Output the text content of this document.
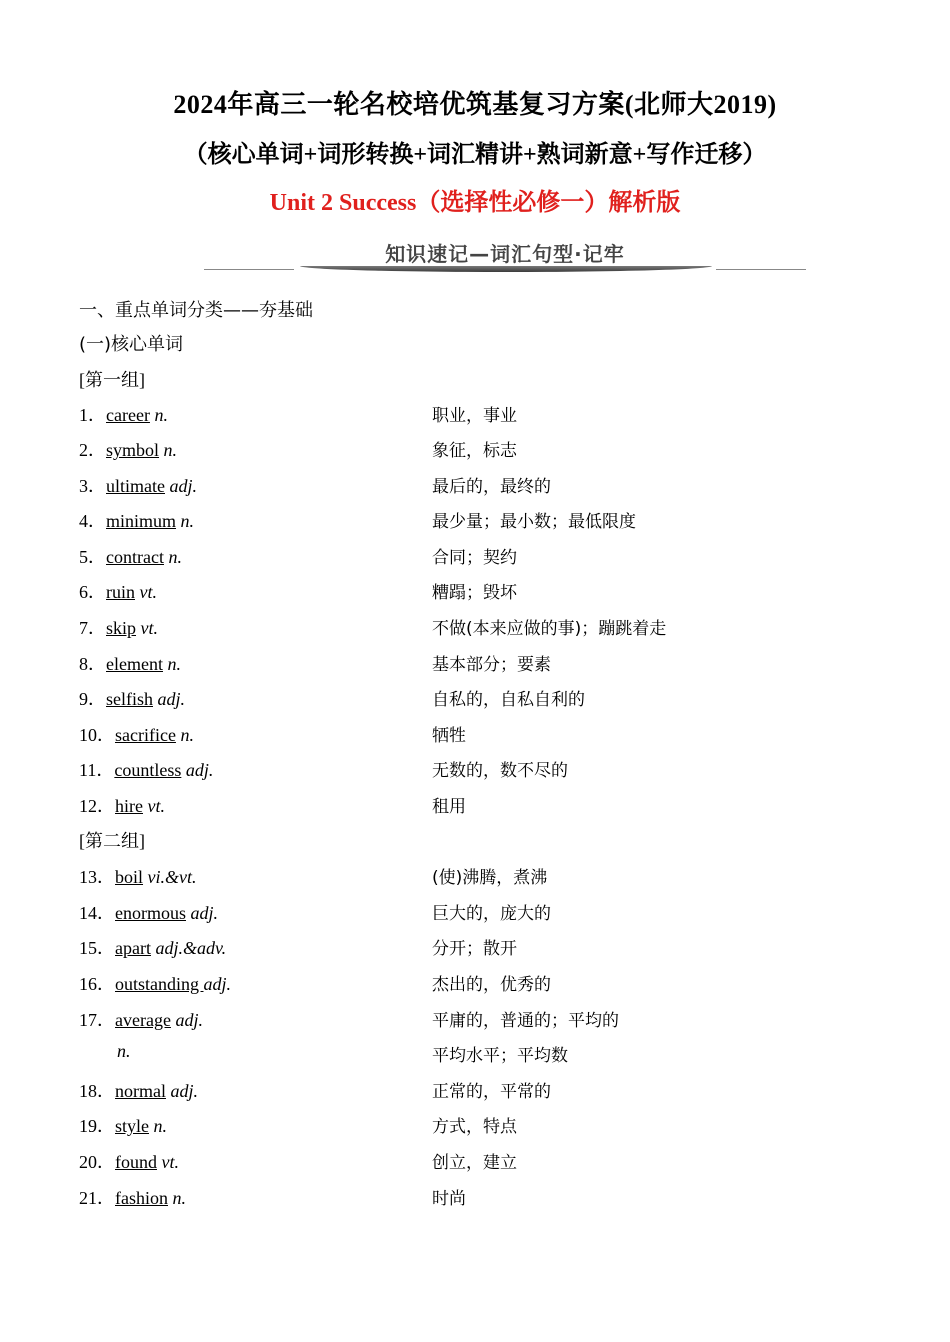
2024年高三一轮名校培优筑基复习方案(北师大2019)
（核心单词+词形转换+词汇精讲+熟词新意+写作迁移）
Unit 2 Success（选择性必修一）解析版
知识速记—词汇句型·记牢
一、重点单词分类——夯基础
(一)核心单词
[第一组]
1．career n.	职业，事业
2．symbol n.	象征，标志
3．ultimate adj.	最后的，最终的
4．minimum n.	最少量；最小数；最低限度
5．contract n.	合同；契约
6．ruin vt.	糟蹋；毁坏
7．skip vt.	不做(本来应做的事)；蹦跳着走
8．element n.	基本部分；要素
9．selfish adj.	自私的，自私自利的
10．sacrifice n.	牺牲
11．countless adj.	无数的，数不尽的
12．hire vt.	租用
[第二组]
13．boil vi.&vt.	(使)沸腾，煮沸
14．enormous adj.	巨大的，庞大的
15．apart adj.&adv.	分开；散开
16．outstanding adj.	杰出的，优秀的
17．average adj.	平庸的，普通的；平均的
n.	平均水平；平均数
18．normal adj.	正常的，平常的
19．style n.	方式，特点
20．found vt.	创立，建立
21．fashion n.	时尚
